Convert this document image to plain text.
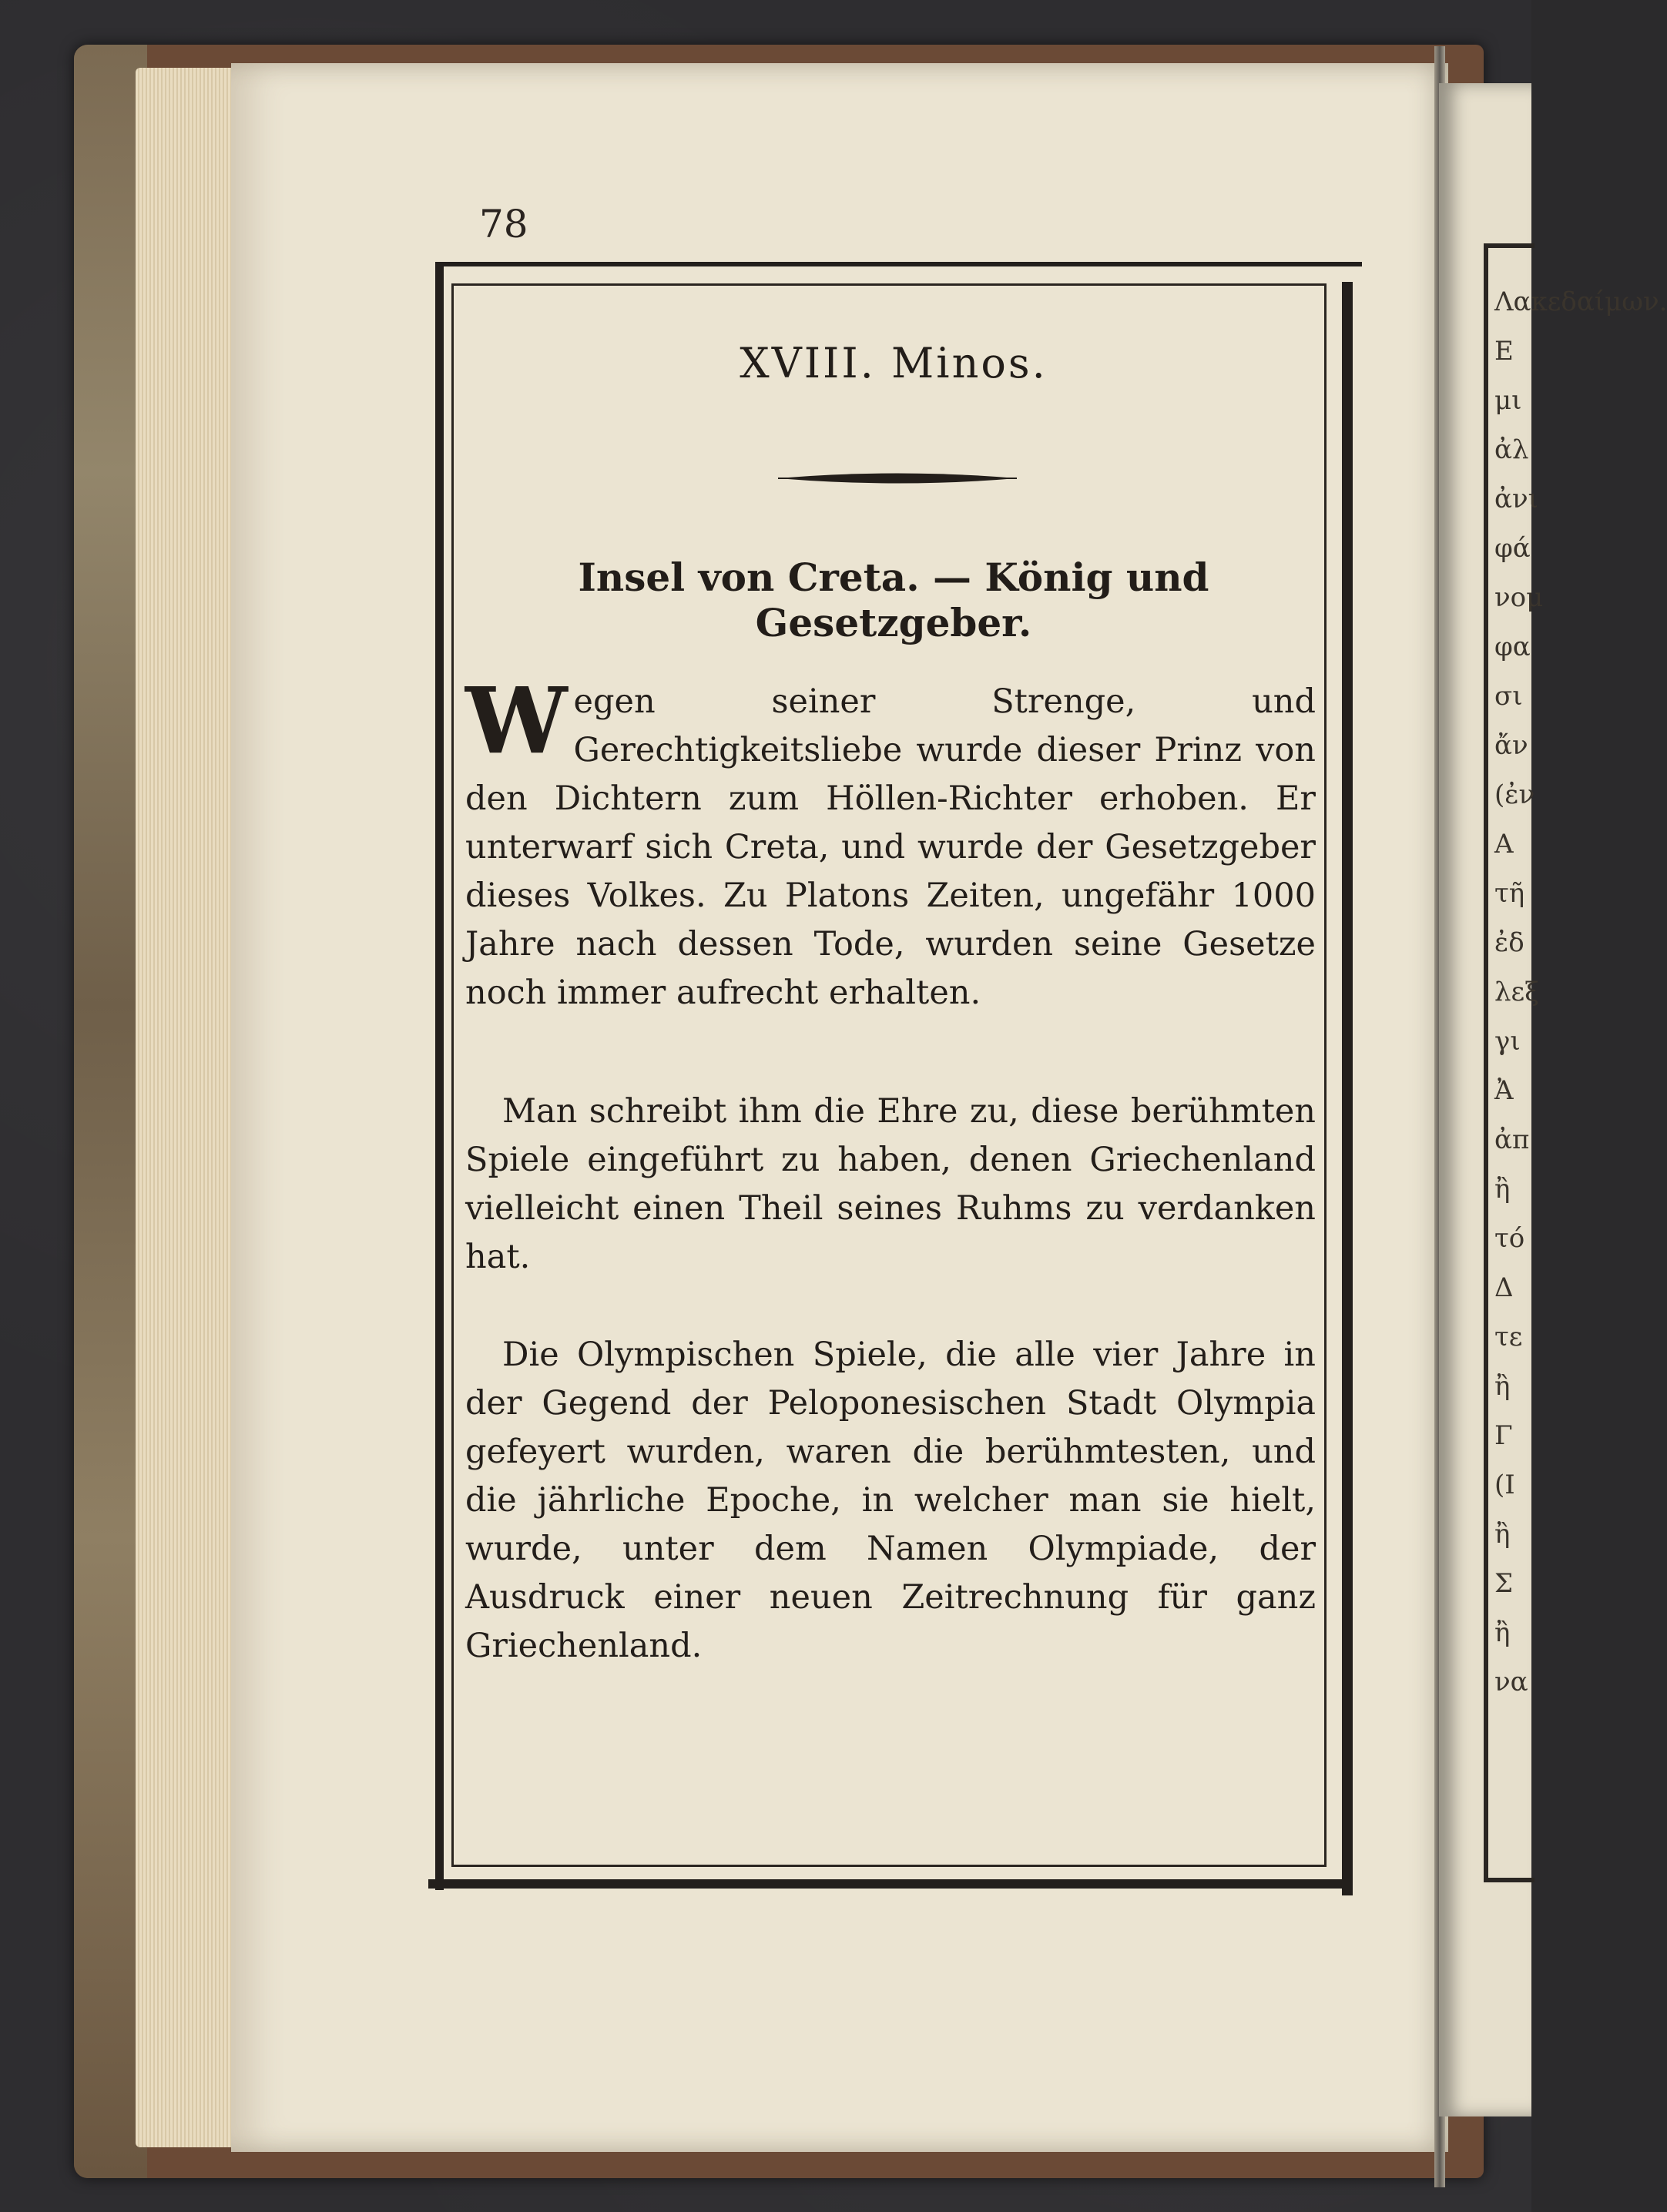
Λακεδαίμων. Ε μι ἀλ ἀνι φά νομ φα σι ἄν (ἐν Α τῆ ἐδ λεξ γι Ἀ ἀπ ἢ τό Δ τε ἢ Γ (Ι ἢ Σ ἢ να
78
XVIII. Minos.
Insel von Creta. — König und Gesetzgeber.
Wegen seiner Strenge, und Gerechtigkeitsliebe wurde dieser Prinz von den Dichtern zum Höllen-Richter erhoben. Er unterwarf sich Creta, und wurde der Gesetzgeber dieses Volkes. Zu Platons Zeiten, ungefähr 1000 Jahre nach dessen Tode, wurden seine Gesetze noch immer aufrecht erhalten.
Man schreibt ihm die Ehre zu, diese berühmten Spiele eingeführt zu haben, denen Griechenland vielleicht einen Theil seines Ruhms zu verdanken hat.
Die Olympischen Spiele, die alle vier Jahre in der Gegend der Peloponesischen Stadt Olympia gefeyert wurden, waren die berühmtesten, und die jährliche Epoche, in welcher man sie hielt, wurde, unter dem Namen Olympiade, der Ausdruck einer neuen Zeitrechnung für ganz Griechenland.
